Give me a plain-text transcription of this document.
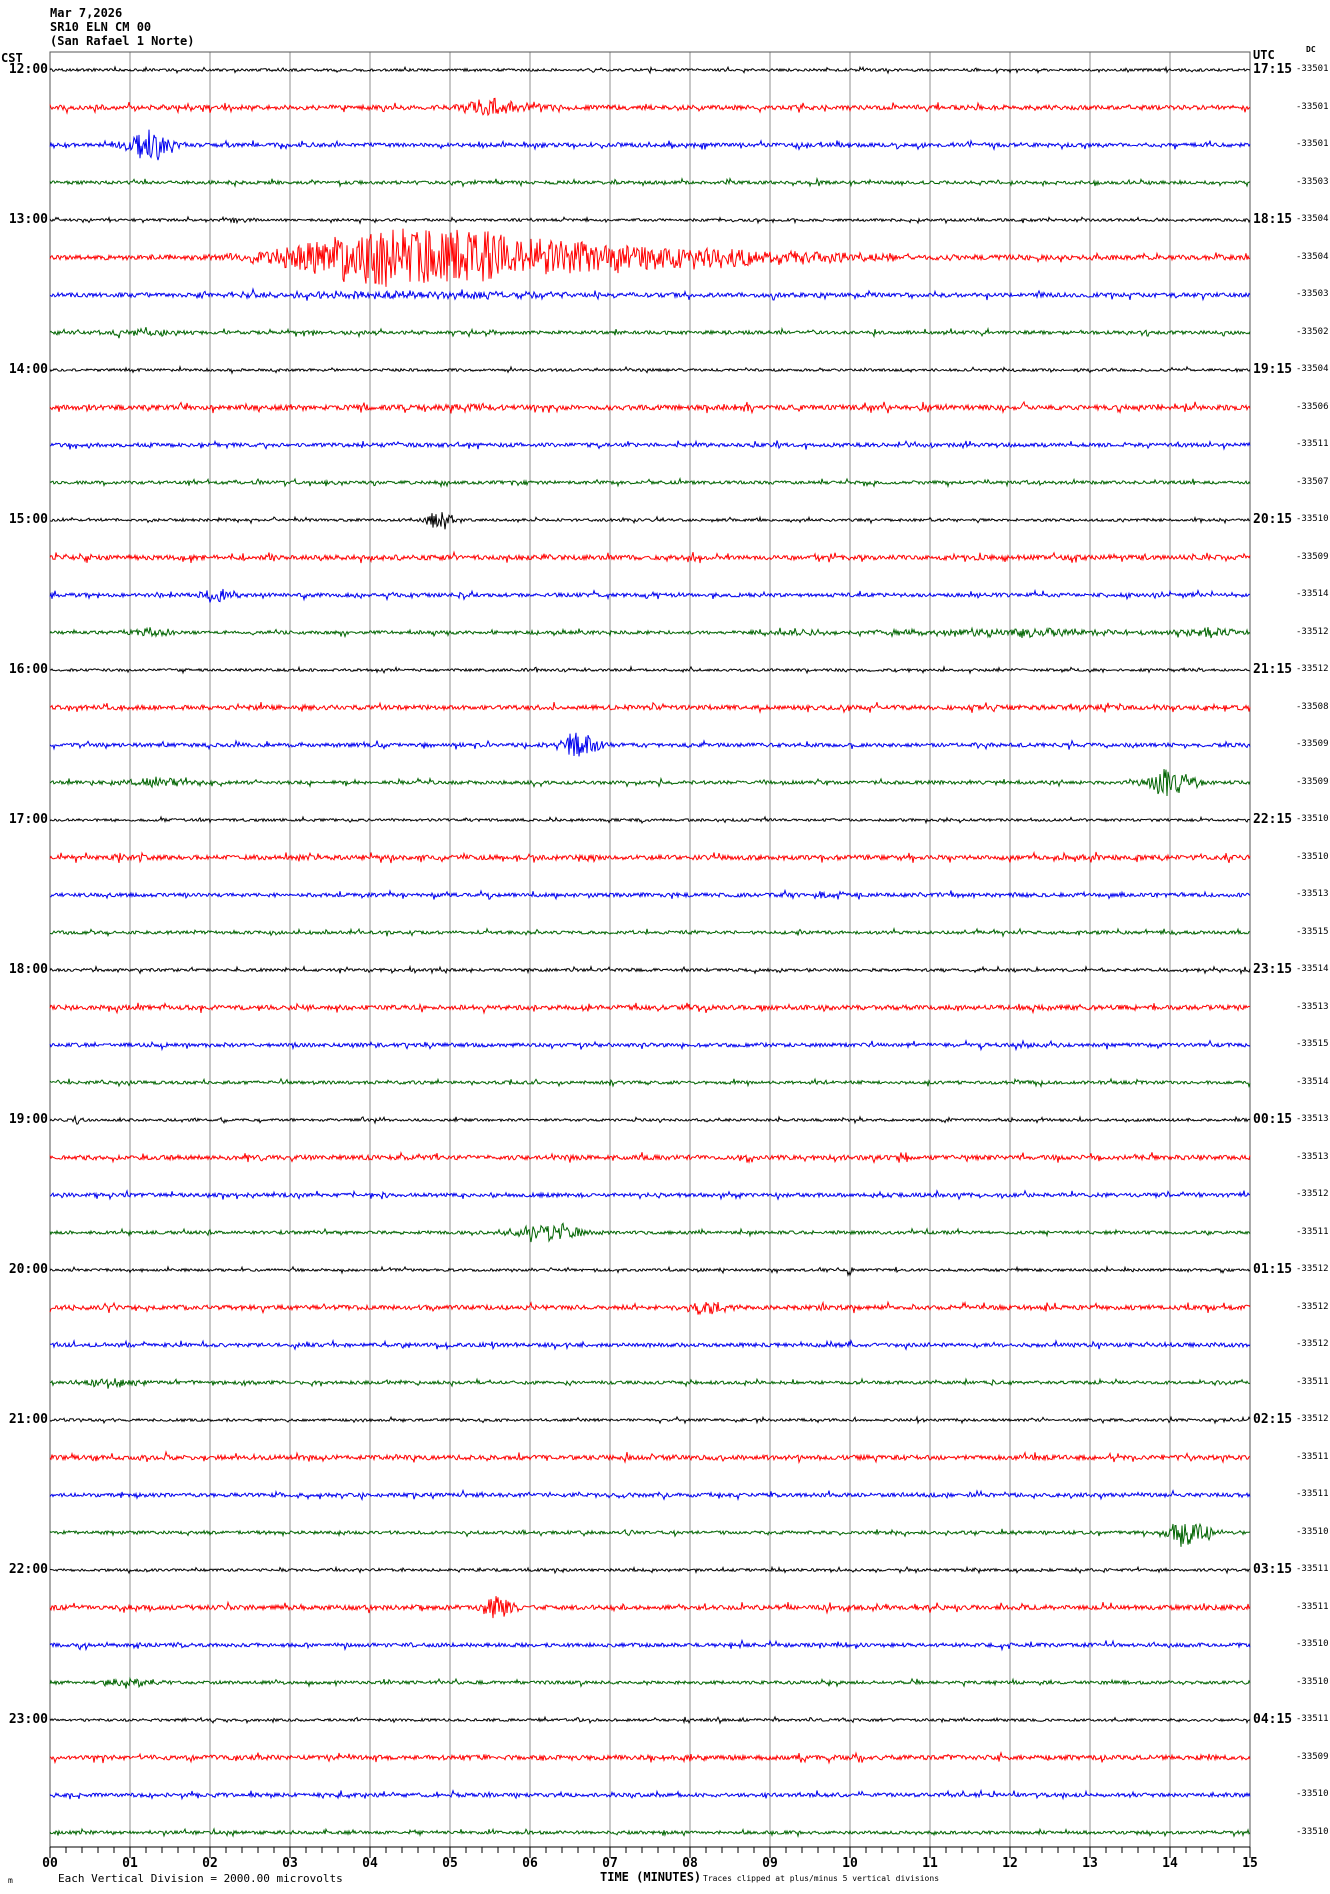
Mar 7,2026
SR10 ELN CM 00
(San Rafael 1 Norte)
CST	UTC	DC
12:00	17:15 -33501
-33501
-33501
-33503
13:00	18:15 -33504
-33504
-33503
-33502
14:00	19:15 -33504
-33506
-33511
-33507
15:00	20:15 -33510
-33509
-33514
-33512
16:00	21:15 -33512
-33508
-33509
-33509
17:00	22:15 -33510
-33510
-33513
-33515
18:00	23:15 -33514
-33513
-33515
-33514
19:00	00:15 -33513
-33513
-33512
-33511
20:00	01:15 -33512
-33512
-33512
-33511
21:00	02:15 -33512
-33511
-33511
-33510
22:00	03:15 -33511
-33511
-33510
-33510
23:00	04:15 -33511
-33509
-33510
-33510
00	01	02	03	04	05	06	07	08	09	10	11	12	13	14	15
m	Each Vertical Division = 2000.00 microvolts	TIME (MINUTES) Traces clipped at plus/minus 5 vertical divisions
